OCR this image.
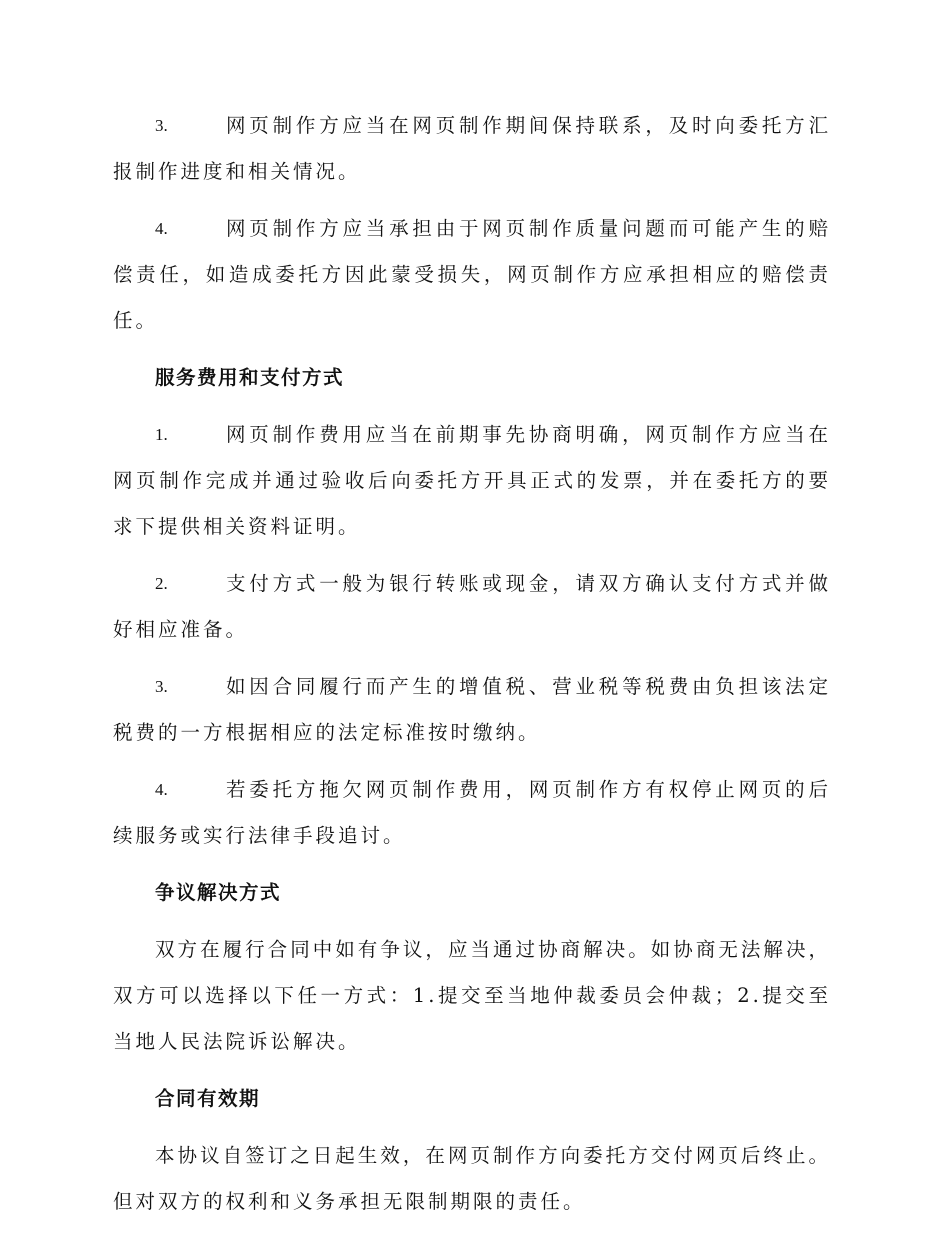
3.	网页制作方应当在网页制作期间保持联系，及时向委托方汇报制作进度和相关情况。

4.	网页制作方应当承担由于网页制作质量问题而可能产生的赔偿责任，如造成委托方因此蒙受损失，网页制作方应承担相应的赔偿责任。

服务费用和支付方式

1.	网页制作费用应当在前期事先协商明确，网页制作方应当在网页制作完成并通过验收后向委托方开具正式的发票，并在委托方的要求下提供相关资料证明。

2.	支付方式一般为银行转账或现金，请双方确认支付方式并做好相应准备。

3.	如因合同履行而产生的增值税、营业税等税费由负担该法定税费的一方根据相应的法定标准按时缴纳。

4.	若委托方拖欠网页制作费用，网页制作方有权停止网页的后续服务或实行法律手段追讨。

争议解决方式

双方在履行合同中如有争议，应当通过协商解决。如协商无法解决，双方可以选择以下任一方式：1.提交至当地仲裁委员会仲裁；2.提交至当地人民法院诉讼解决。

合同有效期

本协议自签订之日起生效，在网页制作方向委托方交付网页后终止。但对双方的权利和义务承担无限制期限的责任。
